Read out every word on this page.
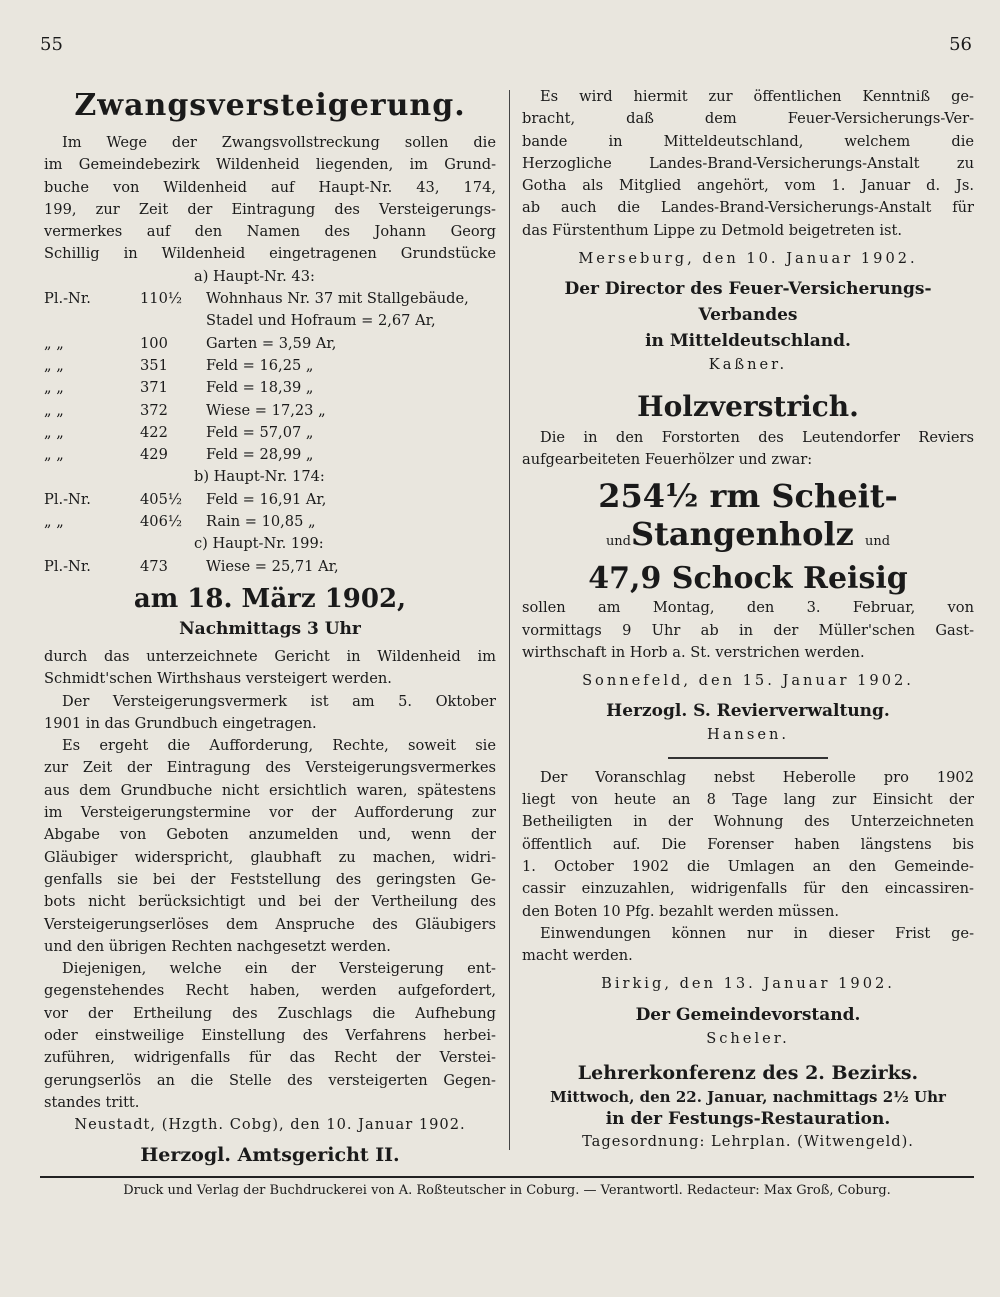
55	56
Zwangsversteigerung.
Im Wege der Zwangsvollstreckung sollen die
im Gemeindebezirk Wildenheid liegenden, im Grund-
buche von Wildenheid auf Haupt-Nr. 43, 174,
199, zur Zeit der Eintragung des Versteigerungs-
vermerkes auf den Namen des Johann Georg
Schillig in Wildenheid eingetragenen Grundstücke
a) Haupt-Nr. 43:
Pl.-Nr.	110½	Wohnhaus Nr. 37 mit Stallgebäude,
Stadel und Hofraum = 2,67 Ar,
„ „	100	Garten = 3,59 Ar,
„ „	351	Feld = 16,25 „
„ „	371	Feld = 18,39 „
„ „	372	Wiese = 17,23 „
„ „	422	Feld = 57,07 „
„ „	429	Feld = 28,99 „
b) Haupt-Nr. 174:
Pl.-Nr.	405½	Feld = 16,91 Ar,
„ „	406½	Rain = 10,85 „
c) Haupt-Nr. 199:
Pl.-Nr.	473	Wiese = 25,71 Ar,
am 18. März 1902,
Nachmittags 3 Uhr
durch das unterzeichnete Gericht in Wildenheid im
Schmidt'schen Wirthshaus versteigert werden.
Der Versteigerungsvermerk ist am 5. Oktober
1901 in das Grundbuch eingetragen.
Es ergeht die Aufforderung, Rechte, soweit sie
zur Zeit der Eintragung des Versteigerungsvermerkes
aus dem Grundbuche nicht ersichtlich waren, spätestens
im Versteigerungstermine vor der Aufforderung zur
Abgabe von Geboten anzumelden und, wenn der
Gläubiger widerspricht, glaubhaft zu machen, widri-
genfalls sie bei der Feststellung des geringsten Ge-
bots nicht berücksichtigt und bei der Vertheilung des
Versteigerungserlöses dem Anspruche des Gläubigers
und den übrigen Rechten nachgesetzt werden.
Diejenigen, welche ein der Versteigerung ent-
gegenstehendes Recht haben, werden aufgefordert,
vor der Ertheilung des Zuschlags die Aufhebung
oder einstweilige Einstellung des Verfahrens herbei-
zuführen, widrigenfalls für das Recht der Verstei-
gerungserlös an die Stelle des versteigerten Gegen-
standes tritt.
Neustadt, (Hzgth. Cobg), den 10. Januar 1902.
Herzogl. Amtsgericht II.
Es wird hiermit zur öffentlichen Kenntniß ge-
bracht, daß dem Feuer-Versicherungs-Ver-
bande in Mitteldeutschland, welchem die
Herzogliche Landes-Brand-Versicherungs-Anstalt zu
Gotha als Mitglied angehört, vom 1. Januar d. Js.
ab auch die Landes-Brand-Versicherungs-Anstalt für
das Fürstenthum Lippe zu Detmold beigetreten ist.
Merseburg, den 10. Januar 1902.
Der Director des Feuer-Versicherungs-Verbandes
in Mitteldeutschland.
Kaßner.
Holzverstrich.
Die in den Forstorten des Leutendorfer Reviers
aufgearbeiteten Feuerhölzer und zwar:
254½ rm Scheit-undStangenholz und
47,9 Schock Reisig
sollen am Montag, den 3. Februar, von
vormittags 9 Uhr ab in der Müller'schen Gast-
wirthschaft in Horb a. St. verstrichen werden.
Sonnefeld, den 15. Januar 1902.
Herzogl. S. Revierverwaltung.
Hansen.
Der Voranschlag nebst Heberolle pro 1902
liegt von heute an 8 Tage lang zur Einsicht der
Betheiligten in der Wohnung des Unterzeichneten
öffentlich auf. Die Forenser haben längstens bis
1. October 1902 die Umlagen an den Gemeinde-
cassir einzuzahlen, widrigenfalls für den eincassiren-
den Boten 10 Pfg. bezahlt werden müssen.
Einwendungen können nur in dieser Frist ge-
macht werden.
Birkig, den 13. Januar 1902.
Der Gemeindevorstand.
Scheler.
Lehrerkonferenz des 2. Bezirks.
Mittwoch, den 22. Januar, nachmittags 2½ Uhr
in der Festungs-Restauration.
Tagesordnung: Lehrplan. (Witwengeld).
Druck und Verlag der Buchdruckerei von A. Roßteutscher in Coburg. — Verantwortl. Redacteur: Max Groß, Coburg.
